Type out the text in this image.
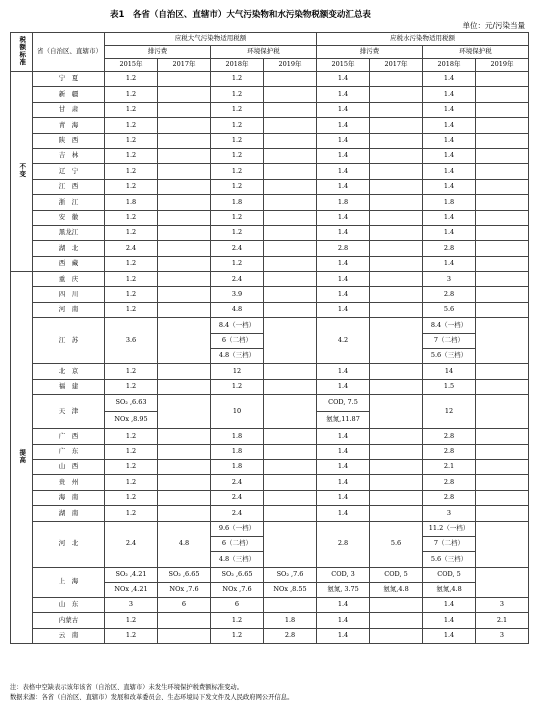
表1　各省（自治区、直辖市）大气污染物和水污染物税额变动汇总表
单位：元/污染当量
税额标准	省（自治区、直辖市）	应税大气污染物适用税额				应税水污染物适用税额			
		排污费		环境保护税		排污费		环境保护税	
		2015年	2017年	2018年	2019年	2015年	2017年	2018年	2019年
不变	宁　夏	1.2		1.2		1.4		1.4	
	新　疆	1.2		1.2		1.4		1.4	
	甘　肃	1.2		1.2		1.4		1.4	
	青　海	1.2		1.2		1.4		1.4	
	陕　西	1.2		1.2		1.4		1.4	
	吉　林	1.2		1.2		1.4		1.4	
	辽　宁	1.2		1.2		1.4		1.4	
	江　西	1.2		1.2		1.4		1.4	
	浙　江	1.8		1.8		1.8		1.8	
	安　徽	1.2		1.2		1.4		1.4	
	黑龙江	1.2		1.2		1.4		1.4	
	湖　北	2.4		2.4		2.8		2.8	
	西　藏	1.2		1.2		1.4		1.4	
提高	重　庆	1.2		2.4		1.4		3	
	四　川	1.2		3.9		1.4		2.8	
	河　南	1.2		4.8		1.4		5.6	
	江　苏	3.6		8.4（一档）		4.2		8.4（一档）	
				6（二档）				7（二档）	
				4.8（三档）				5.6（三档）	
	北　京	1.2		12		1.4		14	
	福　建	1.2		1.2		1.4		1.5	
	天　津	SO₂ ,6.63		10		COD, 7.5		12	
		NOx ,8.95				氨氮,11.87			
	广　西	1.2		1.8		1.4		2.8	
	广　东	1.2		1.8		1.4		2.8	
	山　西	1.2		1.8		1.4		2.1	
	贵　州	1.2		2.4		1.4		2.8	
	海　南	1.2		2.4		1.4		2.8	
	湖　南	1.2		2.4		1.4		3	
	河　北	2.4	4.8	9.6（一档）		2.8	5.6	11.2（一档）	
				6（二档）				7（二档）	
				4.8（三档）				5.6（三档）	
	上　海	SO₂ ,4.21	SO₂ ,6.65	SO₂ ,6.65	SO₂ ,7.6	COD, 3	COD, 5	COD, 5	
		NOx ,4.21	NOx ,7.6	NOx ,7.6	NOx ,8.55	氨氮, 3.75	氨氮,4.8	氨氮,4.8	
	山　东	3	6	6		1.4		1.4	3
	内蒙古	1.2		1.2	1.8	1.4		1.4	2.1
	云　南	1.2		1.2	2.8	1.4		1.4	3
注：表格中空缺表示该年该省（自治区、直辖市）未发生环境保护税费额标准变动。
数据来源：各省（自治区、直辖市）发展和改革委员会、生态环境局下发文件及人民政府网公开信息。
